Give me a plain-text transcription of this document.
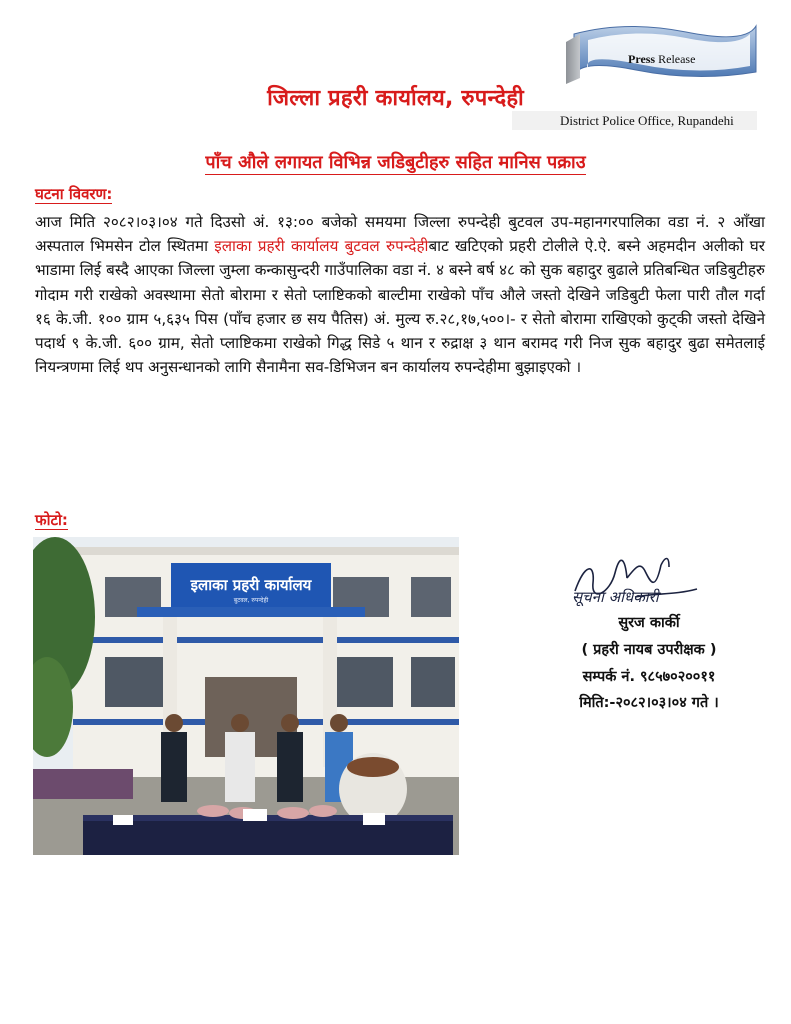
Press Release
जिल्ला प्रहरी कार्यालय, रुपन्देही
District Police Office, Rupandehi
पाँच औले लगायत विभिन्न जडिबुटीहरु सहित मानिस पक्राउ
घटना विवरण:
आज मिति २०८२।०३।०४ गते दिउसो अं. १३:०० बजेको समयमा जिल्ला रुपन्देही बुटवल उप-महानगरपालिका वडा नं. २ आँखा अस्पताल भिमसेन टोल स्थितमा इलाका प्रहरी कार्यालय बुटवल रुपन्देहीबाट खटिएको प्रहरी टोलीले ऐ.ऐ. बस्ने अहमदीन अलीको घर भाडामा लिई बस्दै आएका जिल्ला जुम्ला कन्कासुन्दरी गाउँपालिका वडा नं. ४ बस्ने बर्ष ४८ को सुक बहादुर बुढाले प्रतिबन्धित जडिबुटीहरु गोदाम गरी राखेको अवस्थामा सेतो बोरामा र सेतो प्लाष्टिकको बाल्टीमा राखेको पाँच औले जस्तो देखिने जडिबुटी फेला पारी तौल गर्दा १६ के.जी. १०० ग्राम ५,६३५ पिस (पाँच हजार छ सय पैतिस) अं. मुल्य रु.२८,१७,५००।- र सेतो बोरामा राखिएको कुट्की जस्तो देखिने पदार्थ ९ के.जी. ६०० ग्राम, सेतो प्लाष्टिकमा राखेको गिद्ध सिडे ५ थान र रुद्राक्ष ३ थान बरामद गरी निज सुक बहादुर बुढा समेतलाई नियन्त्रणमा लिई थप अनुसन्धानको लागि सैनामैना सव-डिभिजन बन कार्यालय रुपन्देहीमा बुझाइएको ।
फोटो:
इलाका प्रहरी कार्यालय
बुटवल, रुपन्देही	सूचना अधिकारी
सुरज कार्की
( प्रहरी नायब उपरीक्षक )
सम्पर्क नं. ९८५७०२००११
मिति:-२०८२।०३।०४ गते ।
